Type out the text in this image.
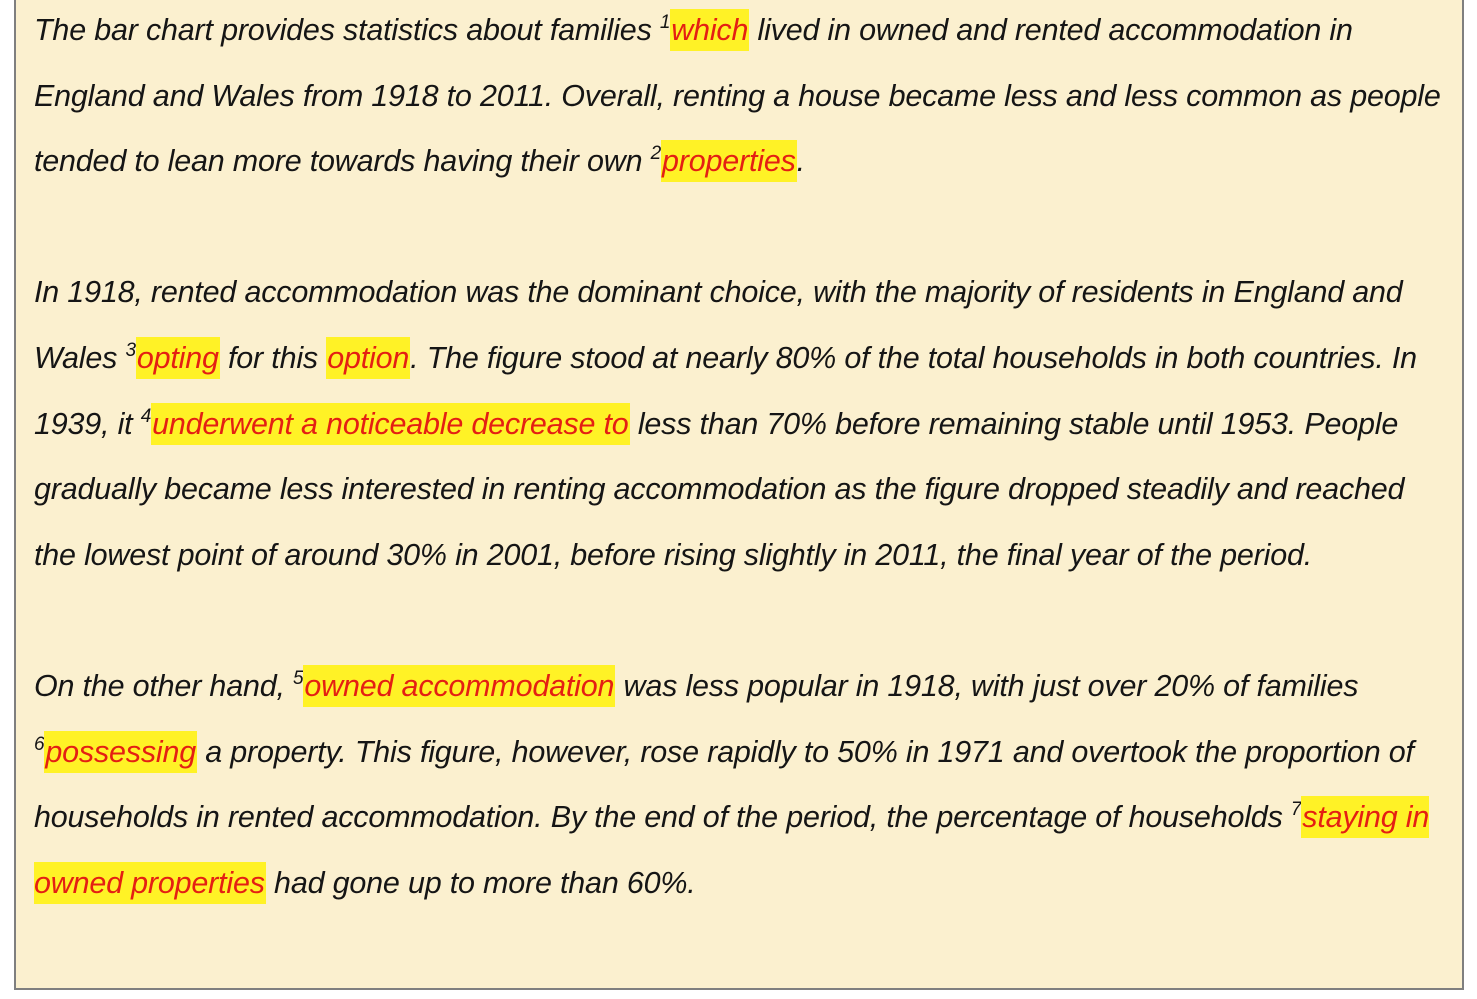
The bar chart provides statistics about families $^1$which lived in owned and rented accommodation in England and Wales from 1918 to 2011. Overall, renting a house became less and less common as people tended to lean more towards having their own $^2$properties.

In 1918, rented accommodation was the dominant choice, with the majority of residents in England and Wales $^3$opting for this option. The figure stood at nearly 80% of the total households in both countries. In 1939, it $^4$underwent a noticeable decrease to less than 70% before remaining stable until 1953. People gradually became less interested in renting accommodation as the figure dropped steadily and reached the lowest point of around 30% in 2001, before rising slightly in 2011, the final year of the period.

On the other hand, $^5$owned accommodation was less popular in 1918, with just over 20% of families $^6$possessing a property. This figure, however, rose rapidly to 50% in 1971 and overtook the proportion of households in rented accommodation. By the end of the period, the percentage of households $^7$staying in owned properties had gone up to more than 60%.
